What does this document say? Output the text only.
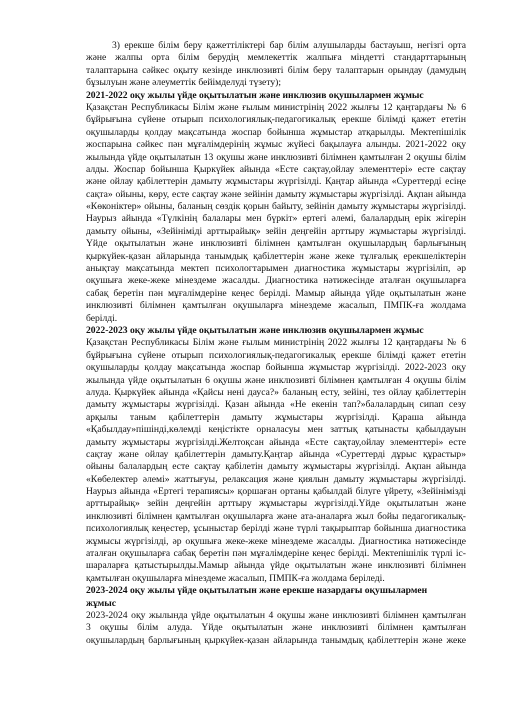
3) ерекше білім беру қажеттіліктері бар білім алушыларды бастауыш, негізгі орта
және жалпы орта білім берудің мемлекеттік жалпыға міндетті стандарттарының
талаптарына сәйкес оқыту кезінде инклюзивті білім беру талаптарын орындау (дамудың
бұзылуын және әлеуметтік бейімделуді түзету);
2021-2022 оқу жылы үйде оқытылатын және инклюзив оқушылармен жұмыс
Қазақстан Республикасы Білім және ғылым министрінің 2022 жылғы 12 қаңтардағы № 6
бұйрығына сүйене отырып психологиялық-педагогикалық ерекше білімді қажет ететін
оқушыларды қолдау мақсатында жоспар бойынша жұмыстар атқарылды. Мектепішілік
жоспарына сәйкес пән мұғалімдерінің жұмыс жүйесі бақылауға алынды. 2021-2022 оқу
жылында үйде оқытылатын 13 оқушы және инклюзивті білімнен қамтылған 2 оқушы білім
алды. Жоспар бойынша Қыркүйек айында «Есте сақтау,ойлау элементтері» есте сақтау
және ойлау қабілеттерін дамыту жұмыстары жүргізілді. Қаңтар айында «Суреттерді есіңе
сақта» ойыны, көру, есте сақтау және зейінін дамыту жұмыстары жүргізілді. Ақпан айында
«Көконіктер» ойыны, баланың сөздік қорын байыту, зейінін дамыту жұмыстары жүргізілді.
Наурыз айында «Түлкінің балалары мен бүркіт» ертегі әлемі, балалардың ерік жігерін
дамыту ойыны, «Зейініміді арттырайық» зейін деңгейін арттыру жұмыстары жүргізілді.
Үйде оқытылатын және инклюзивті білімнен қамтылған оқушылардың барлығының
қыркүйек-қазан айларында танымдық қабілеттерін және жеке тұлғалық ерекшеліктерін
анықтау мақсатында мектеп психологтарымен диагностика жұмыстары жүргізіліп, әр
оқушыға жеке-жеке мінездеме жасалды. Диагностика нәтижесінде аталған оқушыларға
сабақ беретін пән мұғалімдеріне кеңес берілді. Мамыр айында үйде оқытылатын және
инклюзивті білімнен қамтылған оқушыларға мінездеме жасалып, ПМПК-ға жолдама
берілді.
2022-2023 оқу жылы үйде оқытылатын және инклюзив оқушылармен жұмыс
Қазақстан Республикасы Білім және ғылым министрінің 2022 жылғы 12 қаңтардағы № 6
бұйрығына сүйене отырып психологиялық-педагогикалық ерекше білімді қажет ететін
оқушыларды қолдау мақсатында жоспар бойынша жұмыстар жүргізілді. 2022-2023 оқу
жылында үйде оқытылатын 6 оқушы және инклюзивті білімнен қамтылған 4 оқушы білім
алуда. Қыркүйек айында «Қайсы нені дауса?» баланың есту, зейіні, тез ойлау қабілеттерін
дамыту жұмыстары жүргізілді. Қазан айында «Не екенін тап?»балалардың сипап сезу
арқылы таным қабілеттерін дамыту жұмыстары жүргізілді. Қараша айында
«Қабылдау»пішінді,көлемді кеңістікте орналасуы мен заттық қатынасты қабылдауын
дамыту жұмыстары жүргізілді.Желтоқсан айында «Есте сақтау,ойлау элементтері» есте
сақтау және ойлау қабілеттерін дамыту.Қаңтар айында «Суреттерді дұрыс құрастыр»
ойыны балалардың есте сақтау қабілетін дамыту жұмыстары жүргізілді. Ақпан айында
«Көбелектер әлемі» жаттығуы, релаксация және қиялын дамыту жұмыстары жүргізілді.
Наурыз айында «Ертегі терапиясы» қоршаған ортаны қабылдай білуге үйрету, «Зейінімізді
арттырайық» зейін деңгейін арттыру жұмыстары жүргізілді.Үйде оқытылатын және
инклюзивті білімнен қамтылған оқушыларға және ата-аналарға жыл бойы педагогикалық-
психологиялық кеңестер, ұсыныстар берілді және түрлі тақырыптар бойынша диагностика
жұмысы жүргізілді, әр оқушыға жеке-жеке мінездеме жасалды. Диагностика нәтижесінде
аталған оқушыларға сабақ беретін пән мұғалімдеріне кеңес берілді. Мектепішілік түрлі іс-
шараларға қатыстырылды.Мамыр айында үйде оқытылатын және инклюзивті білімнен
қамтылған оқушыларға мінездеме жасалып, ПМПК-ға жолдама беріледі.
2023-2024 оқу жылы үйде оқытылатын және ерекше назардағы оқушылармен
жұмыс
2023-2024 оқу жылында үйде оқытылатын 4 оқушы және инклюзивті білімнен қамтылған
3 оқушы білім алуда. Үйде оқытылатын және инклюзивті білімнен қамтылған
оқушылардың барлығының қыркүйек-қазан айларында танымдық қабілеттерін және жеке
